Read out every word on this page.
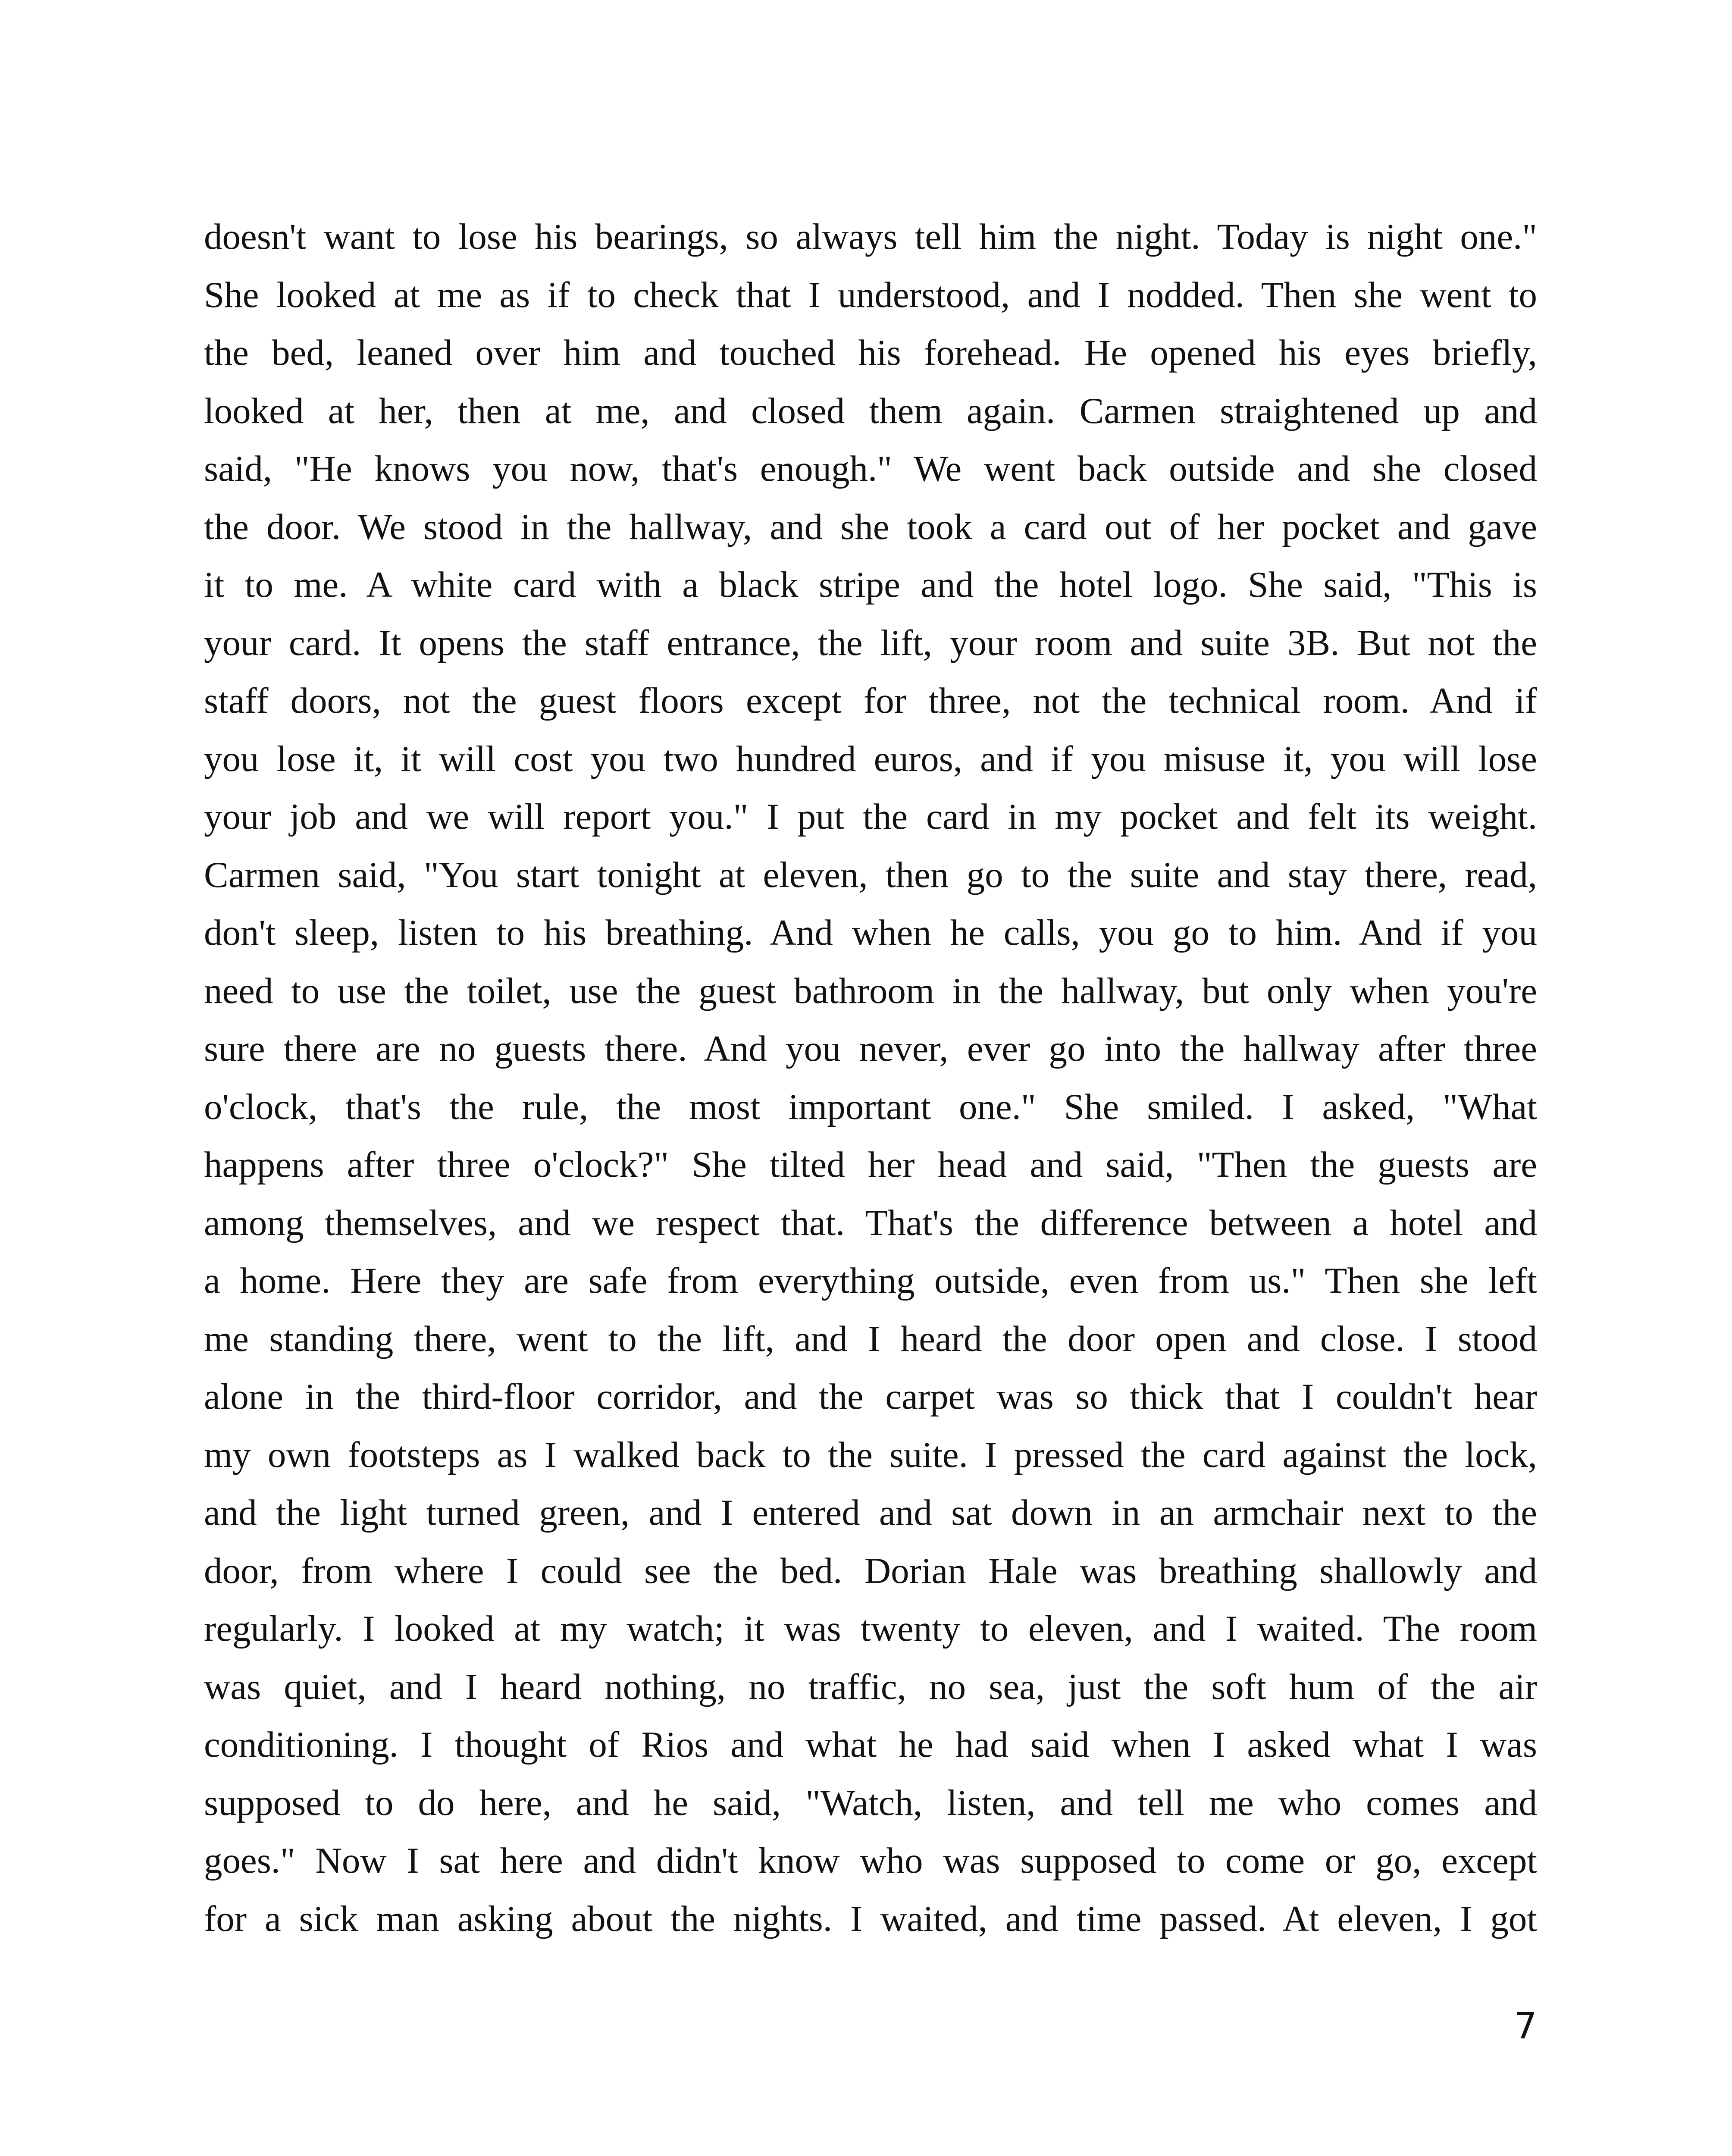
doesn't want to lose his bearings, so always tell him the night. Today is night one."
She looked at me as if to check that I understood, and I nodded. Then she went to
the bed, leaned over him and touched his forehead. He opened his eyes briefly,
looked at her, then at me, and closed them again. Carmen straightened up and
said, "He knows you now, that's enough." We went back outside and she closed
the door. We stood in the hallway, and she took a card out of her pocket and gave
it to me. A white card with a black stripe and the hotel logo. She said, "This is
your card. It opens the staff entrance, the lift, your room and suite 3B. But not the
staff doors, not the guest floors except for three, not the technical room. And if
you lose it, it will cost you two hundred euros, and if you misuse it, you will lose
your job and we will report you." I put the card in my pocket and felt its weight.
Carmen said, "You start tonight at eleven, then go to the suite and stay there, read,
don't sleep, listen to his breathing. And when he calls, you go to him. And if you
need to use the toilet, use the guest bathroom in the hallway, but only when you're
sure there are no guests there. And you never, ever go into the hallway after three
o'clock, that's the rule, the most important one." She smiled. I asked, "What
happens after three o'clock?" She tilted her head and said, "Then the guests are
among themselves, and we respect that. That's the difference between a hotel and
a home. Here they are safe from everything outside, even from us." Then she left
me standing there, went to the lift, and I heard the door open and close. I stood
alone in the third-floor corridor, and the carpet was so thick that I couldn't hear
my own footsteps as I walked back to the suite. I pressed the card against the lock,
and the light turned green, and I entered and sat down in an armchair next to the
door, from where I could see the bed. Dorian Hale was breathing shallowly and
regularly. I looked at my watch; it was twenty to eleven, and I waited. The room
was quiet, and I heard nothing, no traffic, no sea, just the soft hum of the air
conditioning. I thought of Rios and what he had said when I asked what I was
supposed to do here, and he said, "Watch, listen, and tell me who comes and
goes." Now I sat here and didn't know who was supposed to come or go, except
for a sick man asking about the nights. I waited, and time passed. At eleven, I got
7
